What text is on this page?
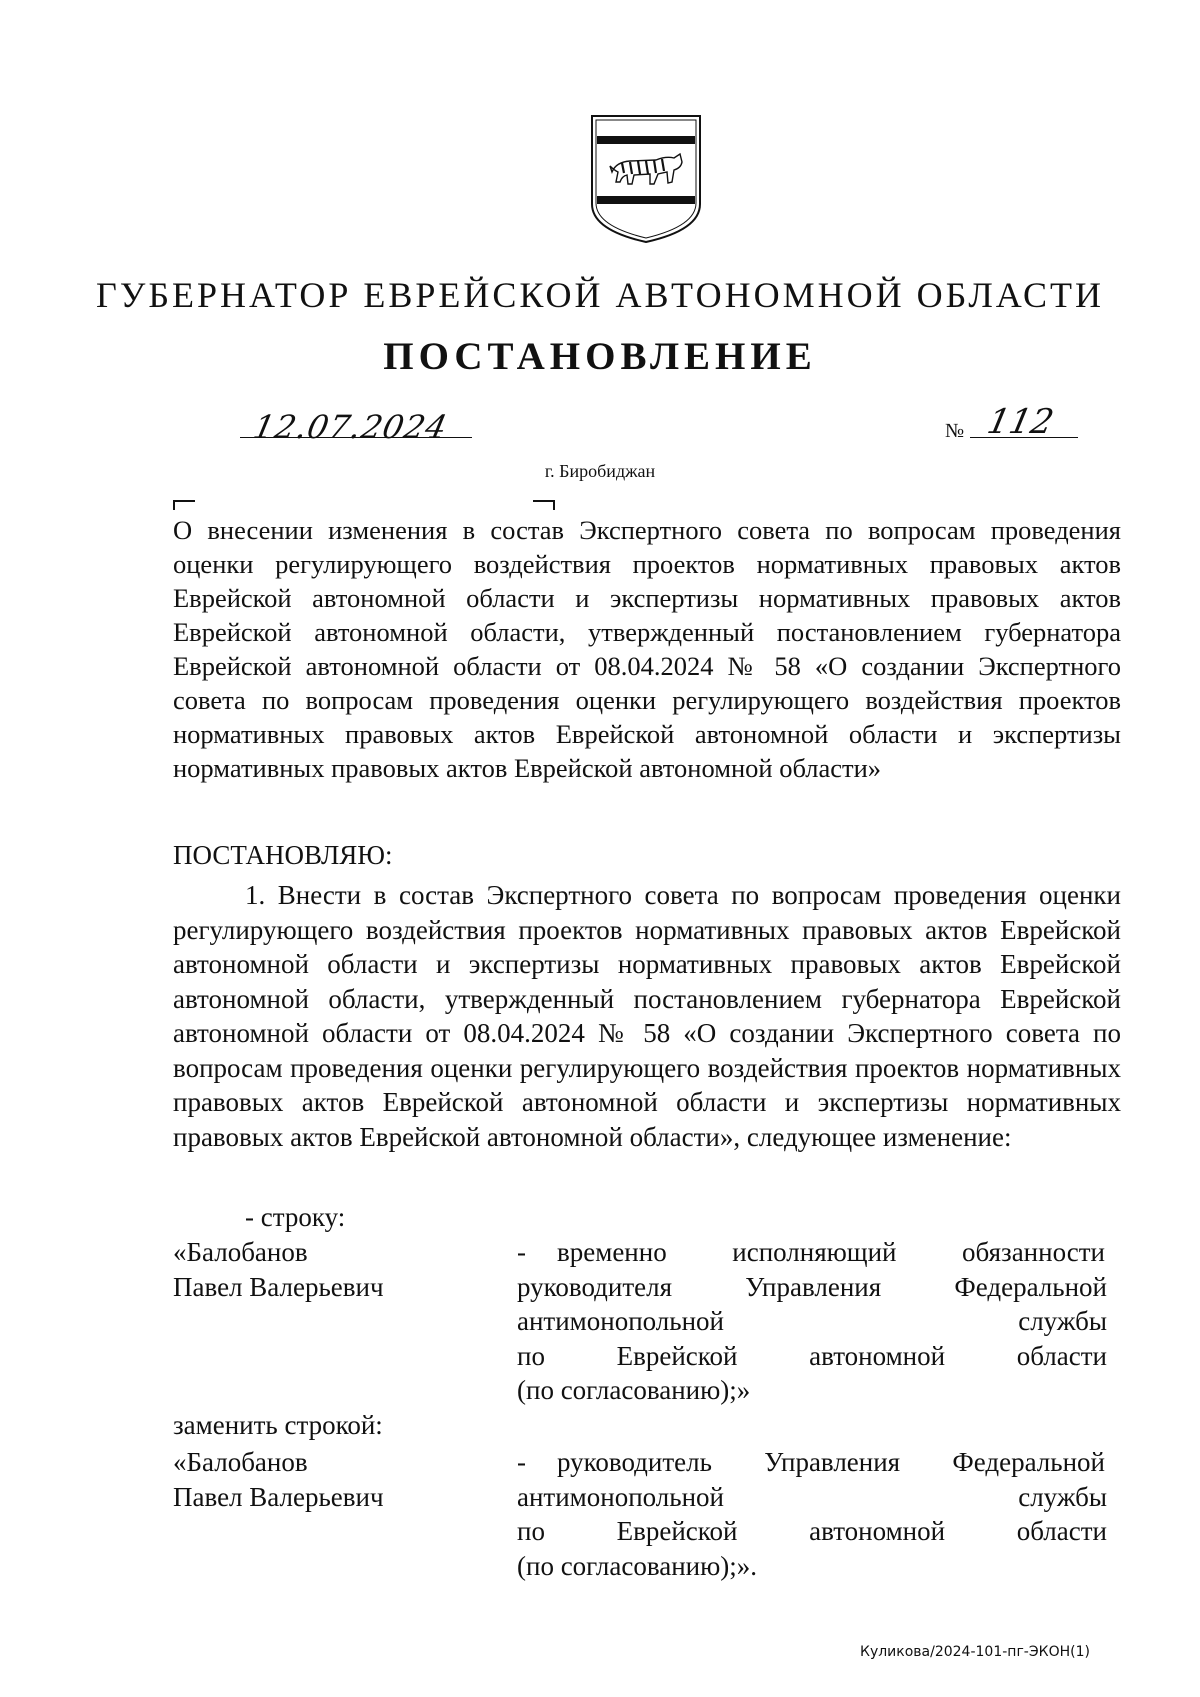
ГУБЕРНАТОР ЕВРЕЙСКОЙ АВТОНОМНОЙ ОБЛАСТИ
ПОСТАНОВЛЕНИЕ
12.07.2024	№ 112
г. Биробиджан
О внесении изменения в состав Экспертного совета по вопросам проведения оценки регулирующего воздействия проектов нормативных правовых актов Еврейской автономной области и экспертизы нормативных правовых актов Еврейской автономной области, утвержденный постановлением губернатора Еврейской автономной области от 08.04.2024 № 58 «О создании Экспертного совета по вопросам проведения оценки регулирующего воздействия проектов нормативных правовых актов Еврейской автономной области и экспертизы нормативных правовых актов Еврейской автономной области»
ПОСТАНОВЛЯЮ:
1. Внести в состав Экспертного совета по вопросам проведения оценки регулирующего воздействия проектов нормативных правовых актов Еврейской автономной области и экспертизы нормативных правовых актов Еврейской автономной области, утвержденный постановлением губернатора Еврейской автономной области от 08.04.2024 № 58 «О создании Экспертного совета по вопросам проведения оценки регулирующего воздействия проектов нормативных правовых актов Еврейской автономной области и экспертизы нормативных правовых актов Еврейской автономной области», следующее изменение:
- строку:
«Балобанов
Павел Валерьевич
- временно исполняющий обязанности
руководителя Управления Федеральной
антимонопольной службы
по Еврейской автономной области
(по согласованию);»
заменить строкой:
«Балобанов
Павел Валерьевич
- руководитель Управления Федеральной
антимонопольной службы
по Еврейской автономной области
(по согласованию);».
Куликова/2024-101-пг-ЭКОН(1)
